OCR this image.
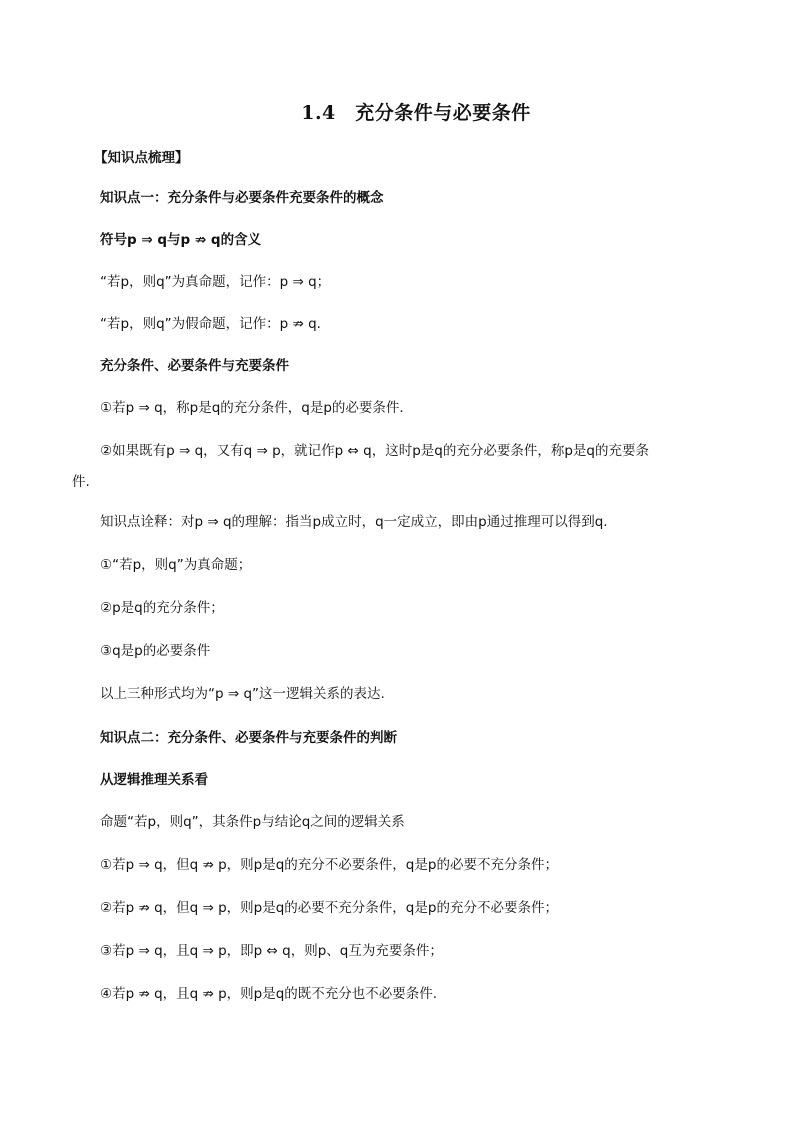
1.4　充分条件与必要条件
【知识点梳理】
知识点一：充分条件与必要条件充要条件的概念
符号p ⇒ q与p ⇏ q的含义
“若p，则q”为真命题，记作：p ⇒ q；
“若p，则q”为假命题，记作：p ⇏ q.
充分条件、必要条件与充要条件
①若p ⇒ q，称p是q的充分条件，q是p的必要条件.
②如果既有p ⇒ q，又有q ⇒ p，就记作p ⇔ q，这时p是q的充分必要条件，称p是q的充要条
件.
知识点诠释：对p ⇒ q的理解：指当p成立时，q一定成立，即由p通过推理可以得到q.
①“若p，则q”为真命题；
②p是q的充分条件；
③q是p的必要条件
以上三种形式均为“p ⇒ q”这一逻辑关系的表达.
知识点二：充分条件、必要条件与充要条件的判断
从逻辑推理关系看
命题“若p，则q”，其条件p与结论q之间的逻辑关系
①若p ⇒ q，但q ⇏ p，则p是q的充分不必要条件，q是p的必要不充分条件；
②若p ⇏ q，但q ⇒ p，则p是q的必要不充分条件，q是p的充分不必要条件；
③若p ⇒ q，且q ⇒ p，即p ⇔ q，则p、q互为充要条件；
④若p ⇏ q，且q ⇏ p，则p是q的既不充分也不必要条件.
